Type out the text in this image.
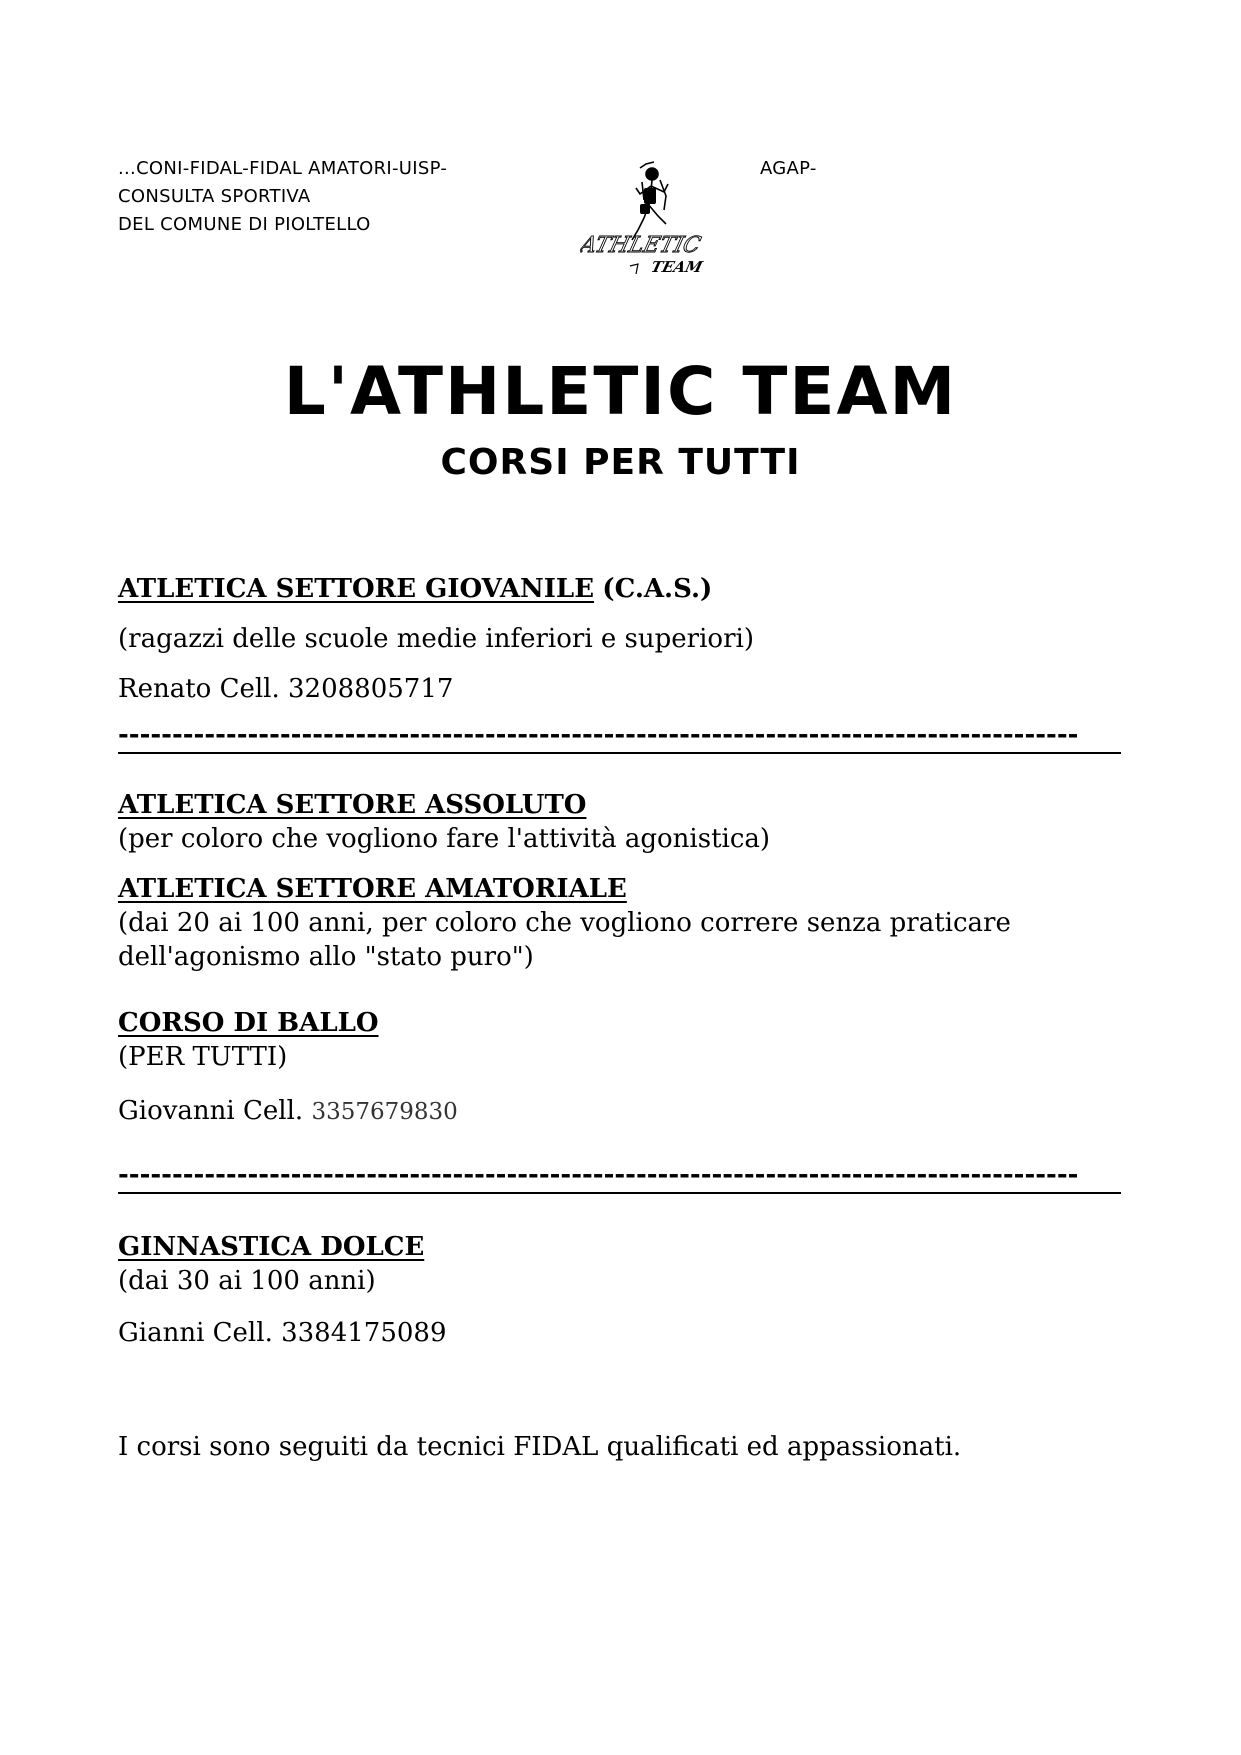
...CONI-FIDAL-FIDAL AMATORI-UISP-
CONSULTA SPORTIVA
DEL COMUNE DI PIOLTELLO
AGAP-
ATHLETIC
TEAM
L'ATHLETIC TEAM
CORSI PER TUTTI
ATLETICA SETTORE GIOVANILE (C.A.S.)
(ragazzi delle scuole medie inferiori e superiori)
Renato Cell. 3208805717
-----------------------------------------------------------------------------------------
ATLETICA SETTORE ASSOLUTO
(per coloro che vogliono fare l'attività agonistica)
ATLETICA SETTORE AMATORIALE
(dai 20 ai 100 anni, per coloro che vogliono correre senza praticare
dell'agonismo allo "stato puro")
CORSO DI BALLO
(PER TUTTI)
Giovanni Cell. 3357679830
-----------------------------------------------------------------------------------------
GINNASTICA DOLCE
(dai 30 ai 100 anni)
Gianni Cell. 3384175089
I corsi sono seguiti da tecnici FIDAL qualificati ed appassionati.
